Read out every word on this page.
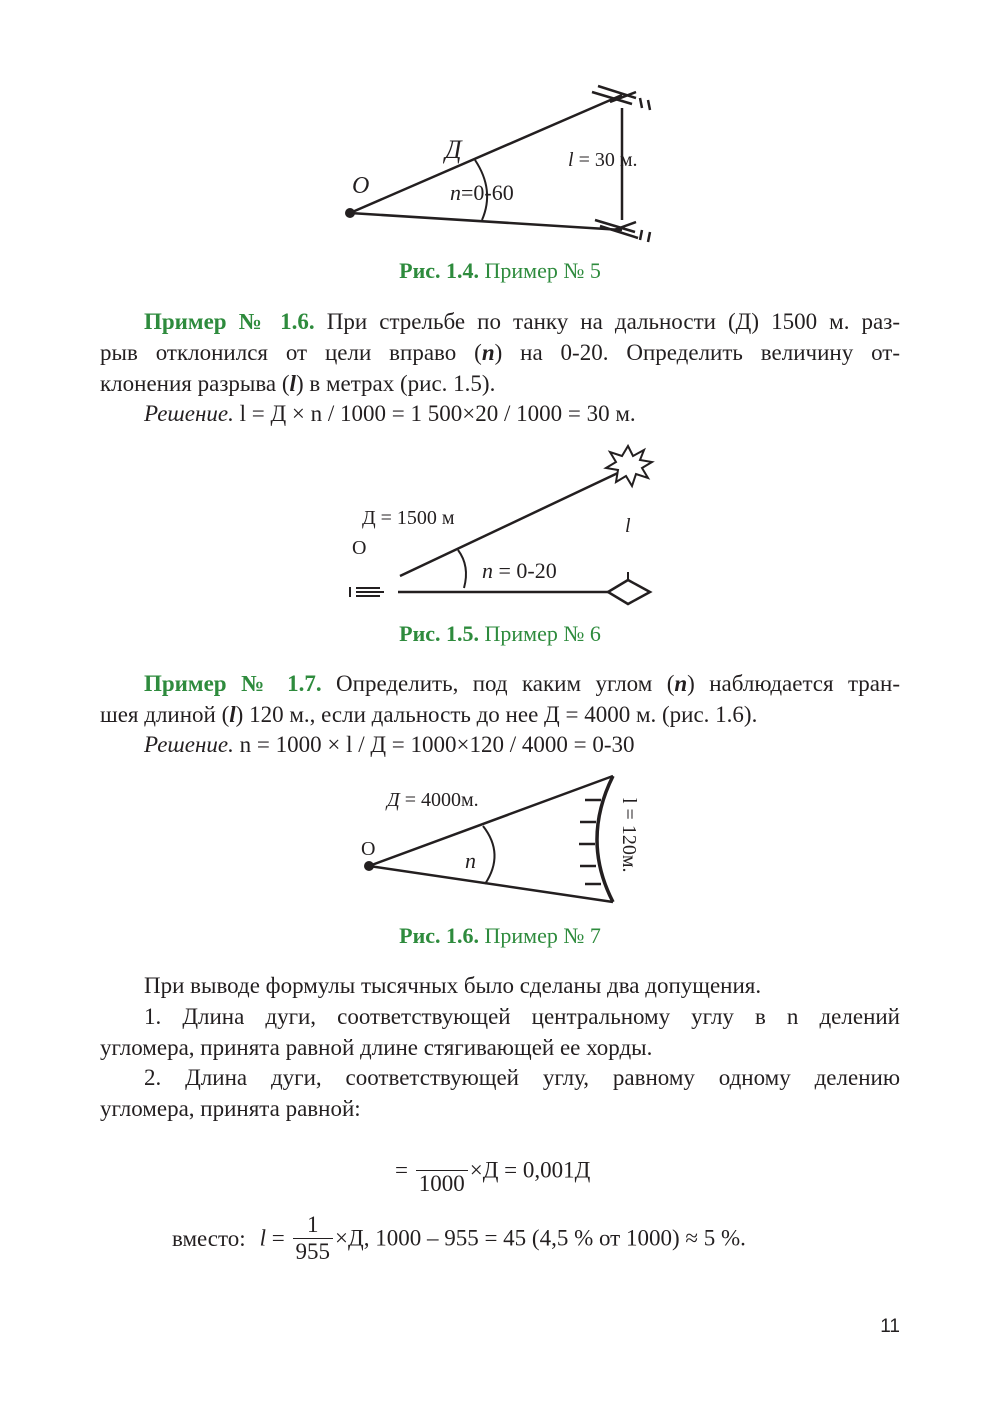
Д
O	n=0-60
l = 30 м.
Рис. 1.4. Пример № 5
Пример № 1.6. При стрельбе по танку на дальности (Д) 1500 м. раз-
рыв отклонился от цели вправо (n) на 0-20. Определить величину от-
клонения разрыва (l) в метрах (рис. 1.5).
Решение. l = Д × n / 1000 = 1 500×20 / 1000 = 30 м.
Д = 1500 м
O
n = 0-20
l
Рис. 1.5. Пример № 6
Пример № 1.7. Определить, под каким углом (n) наблюдается тран-
шея длиной (l) 120 м., если дальность до нее Д = 4000 м. (рис. 1.6).
Решение. n = 1000 × l / Д = 1000×120 / 4000 = 0-30
Д = 4000м.
O	n	l = 120м.
Рис. 1.6. Пример № 7
При выводе формулы тысячных было сделаны два допущения.
1. Длина дуги, соответствующей центральному углу в n делений
угломера, принята равной длине стягивающей ее хорды.
2. Длина дуги, соответствующей углу, равному одному делению
угломера, принята равной:
=

1000
×Д = 0,001Д
вместо: $l = \frac{1}{955} \times Д$, 1000 – 955 = 45 (4,5 % от 1000) ≈ 5 %.
11
